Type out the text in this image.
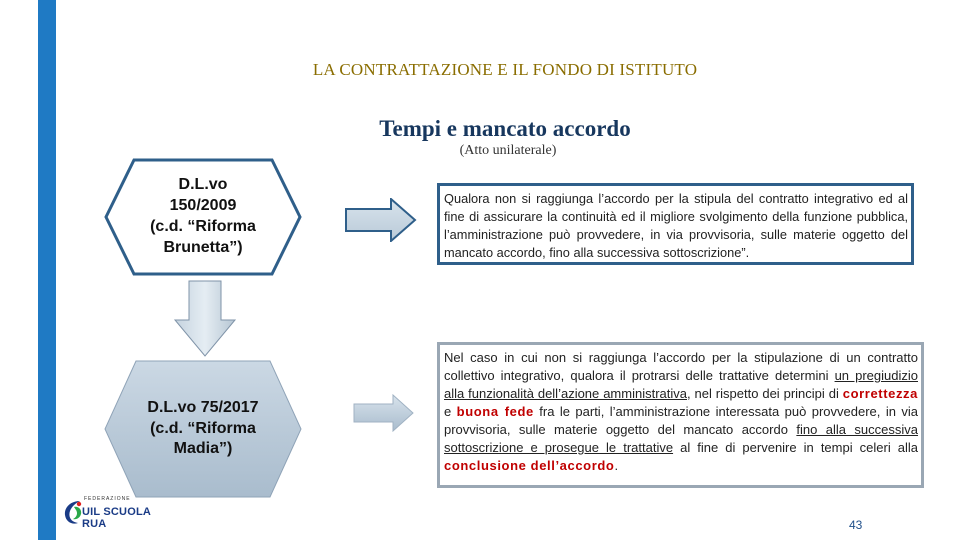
LA CONTRATTAZIONE E IL FONDO DI ISTITUTO
Tempi e mancato accordo
(Atto unilaterale)
D.L.vo
150/2009
(c.d. “Riforma
Brunetta”)
D.L.vo 75/2017
(c.d. “Riforma
Madia”)

Qualora non si raggiunga l’accordo per la stipula del contratto integrativo ed al fine di assicurare la continuità ed il migliore svolgimento della funzione pubblica, l’amministrazione può provvedere, in via provvisoria, sulle materie oggetto del mancato accordo, fino alla successiva sottoscrizione”.

Nel caso in cui non si raggiunga l’accordo per la stipulazione di un contratto collettivo integrativo, qualora il protrarsi delle trattative determini un pregiudizio alla funzionalità dell’azione amministrativa, nel rispetto dei principi di correttezza e buona fede fra le parti, l’amministrazione interessata può provvedere, in via provvisoria, sulle materie oggetto del mancato accordo fino alla successiva sottoscrizione e prosegue le trattative al fine di pervenire in tempi celeri alla conclusione dell’accordo.

FEDERAZIONE
UIL SCUOLA RUA	43
